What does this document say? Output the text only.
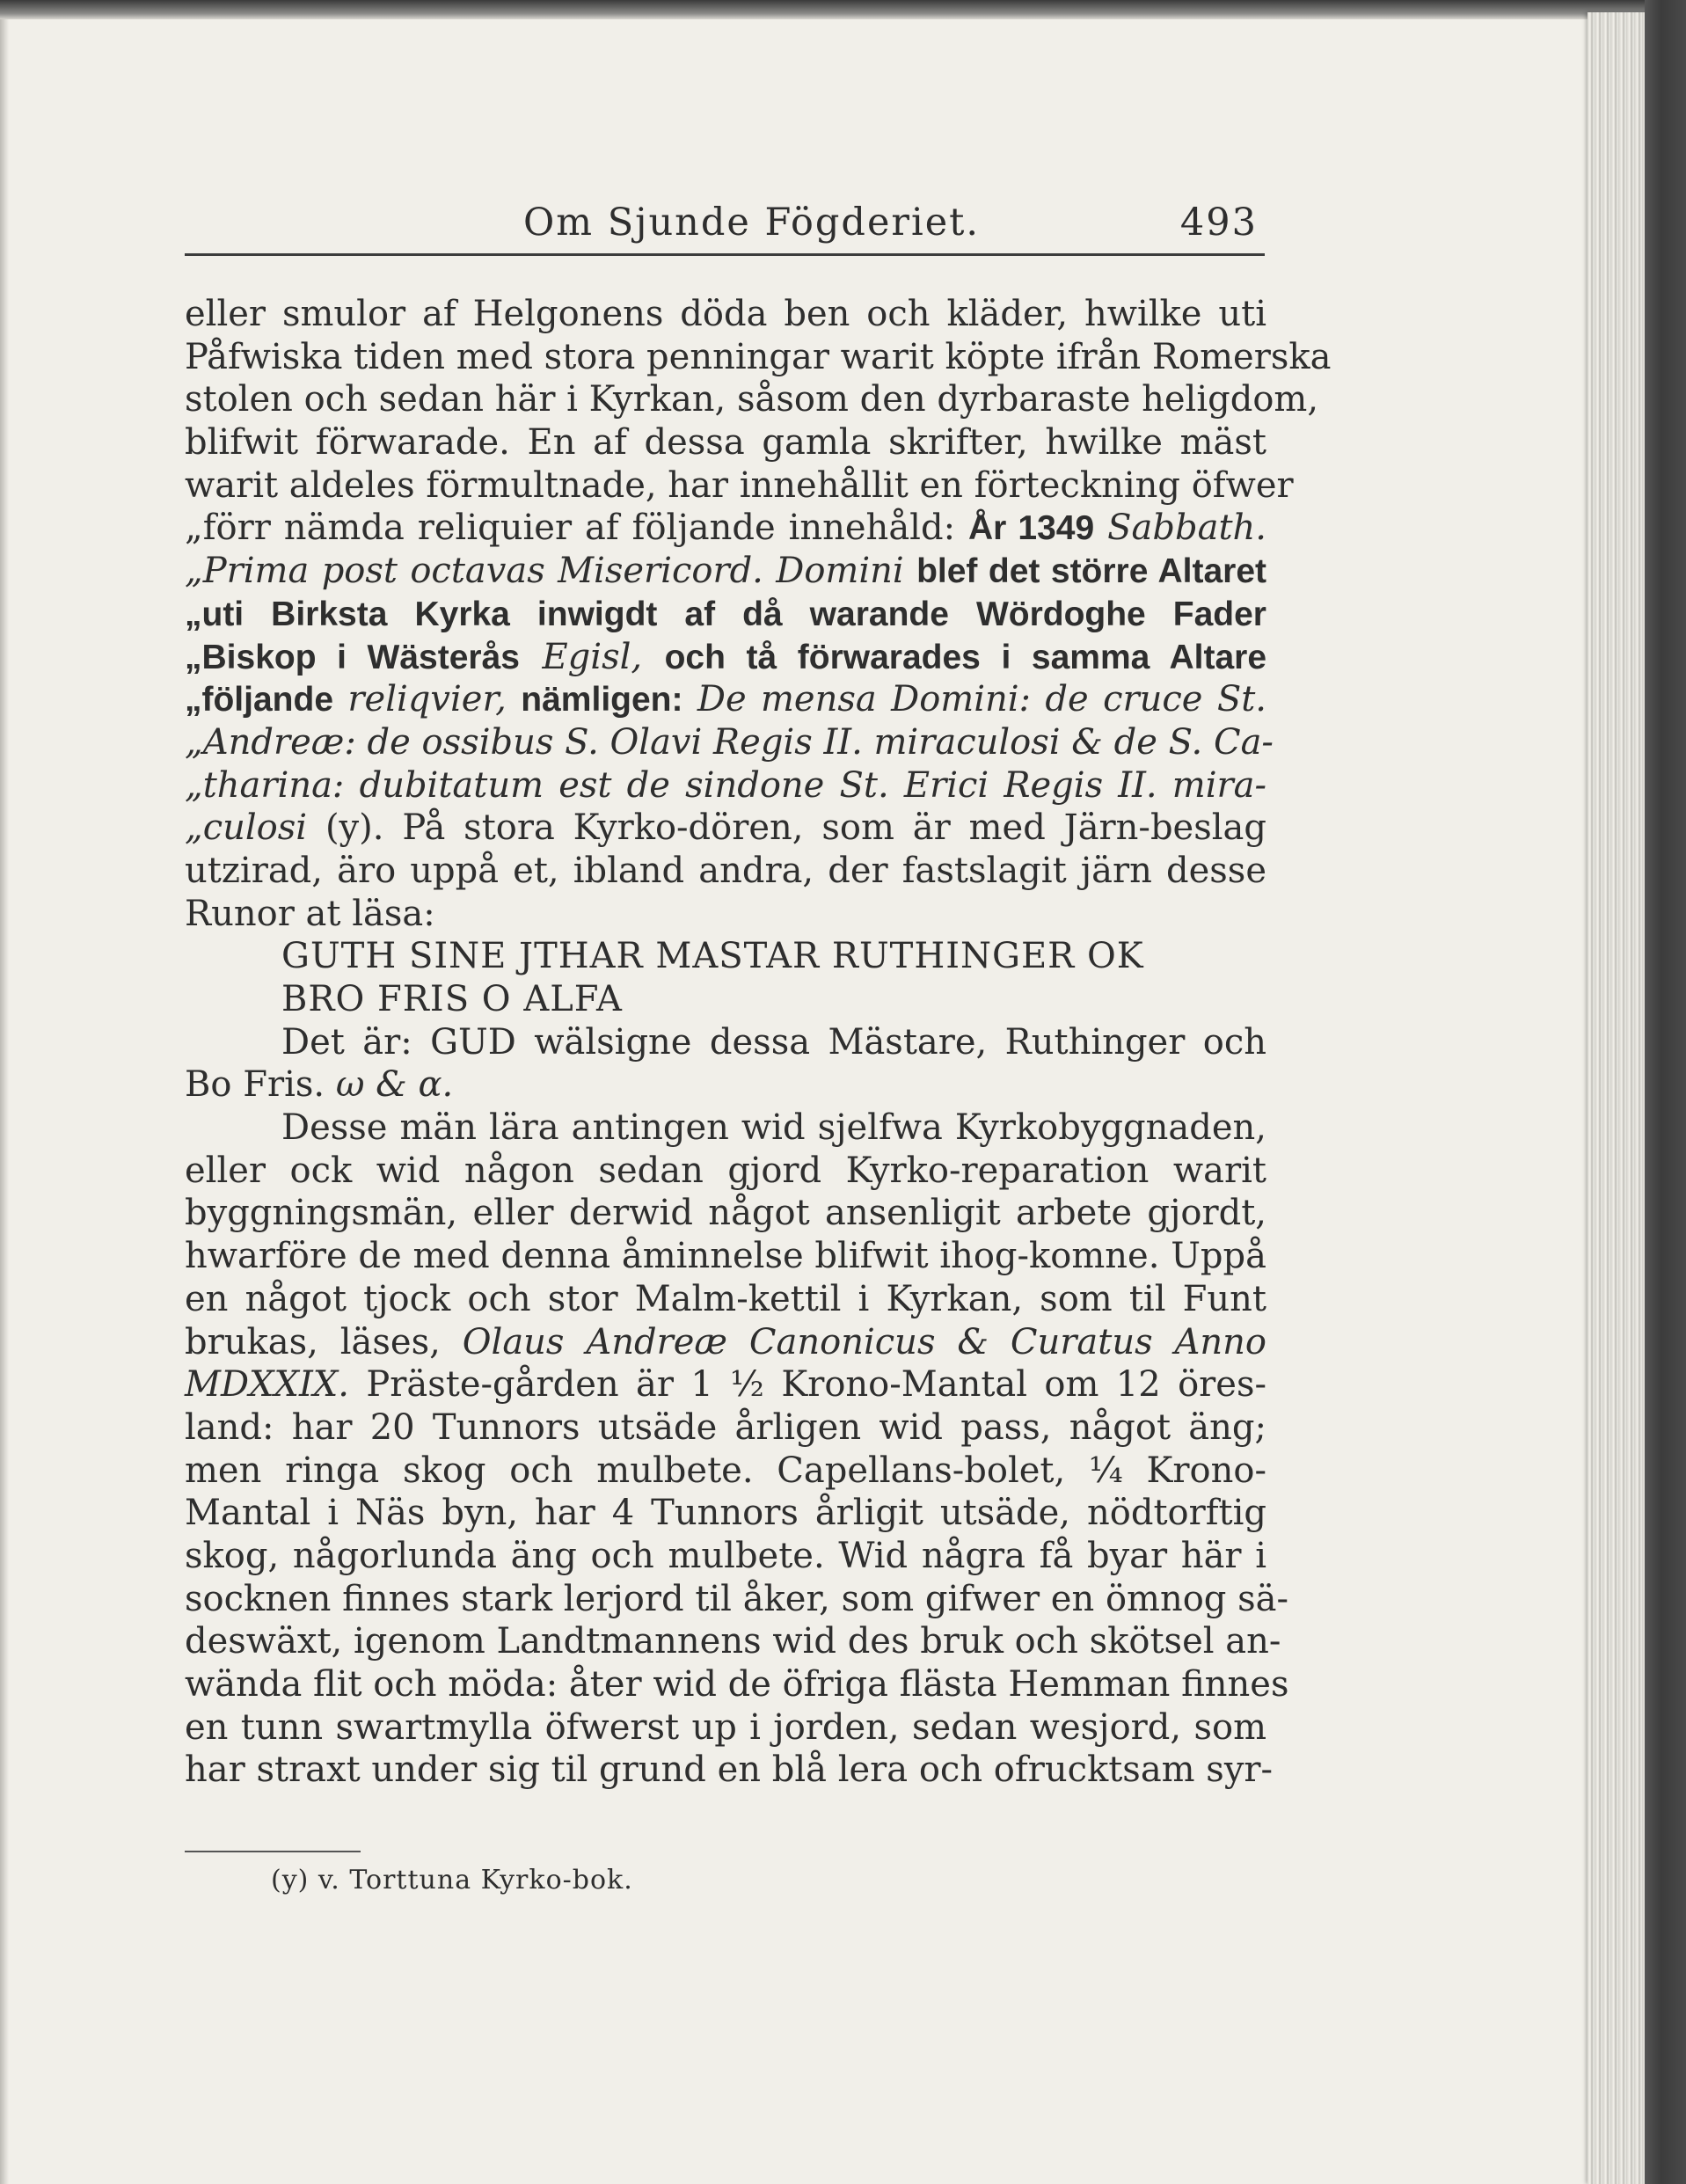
Om Sjunde Fögderiet.	493
eller smulor af Helgonens döda ben och kläder, hwilke uti
Påfwiska tiden med stora penningar warit köpte ifrån Romerska
stolen och sedan här i Kyrkan, såsom den dyrbaraste heligdom,
blifwit förwarade. En af dessa gamla skrifter, hwilke mäst
warit aldeles förmultnade, har innehållit en förteckning öfwer
„förr nämda reliquier af följande innehåld: År 1349 Sabbath.
„Prima post octavas Misericord. Domini blef det större Altaret
„uti Birksta Kyrka inwigdt af då warande Wördoghe Fader
„Biskop i Wästerås Egisl, och tå förwarades i samma Altare
„följande reliqvier, nämligen: De mensa Domini: de cruce St.
„Andreæ: de ossibus S. Olavi Regis II. miraculosi & de S. Ca-
„tharina: dubitatum est de sindone St. Erici Regis II. mira-
„culosi (y). På stora Kyrko-dören, som är med Järn-beslag
utzirad, äro uppå et, ibland andra, der fastslagit järn desse
Runor at läsa:
GUTH SINE JTHAR MASTAR RUTHINGER OK
BRO FRIS O ALFA
Det är: GUD wälsigne dessa Mästare, Ruthinger och
Bo Fris. ω & α.
Desse män lära antingen wid sjelfwa Kyrkobyggnaden,
eller ock wid någon sedan gjord Kyrko-reparation warit
byggningsmän, eller derwid något ansenligit arbete gjordt,
hwarföre de med denna åminnelse blifwit ihog-komne. Uppå
en något tjock och stor Malm-kettil i Kyrkan, som til Funt
brukas, läses, Olaus Andreæ Canonicus & Curatus Anno
MDXXIX. Präste-gården är 1 ½ Krono-Mantal om 12 öres-
land: har 20 Tunnors utsäde årligen wid pass, något äng;
men ringa skog och mulbete. Capellans-bolet, ¼ Krono-
Mantal i Näs byn, har 4 Tunnors årligit utsäde, nödtorftig
skog, någorlunda äng och mulbete. Wid några få byar här i
socknen finnes stark lerjord til åker, som gifwer en ömnog sä-
deswäxt, igenom Landtmannens wid des bruk och skötsel an-
wända flit och möda: åter wid de öfriga flästa Hemman finnes
en tunn swartmylla öfwerst up i jorden, sedan wesjord, som
har straxt under sig til grund en blå lera och ofrucktsam syr-
(y) v. Torttuna Kyrko-bok.
